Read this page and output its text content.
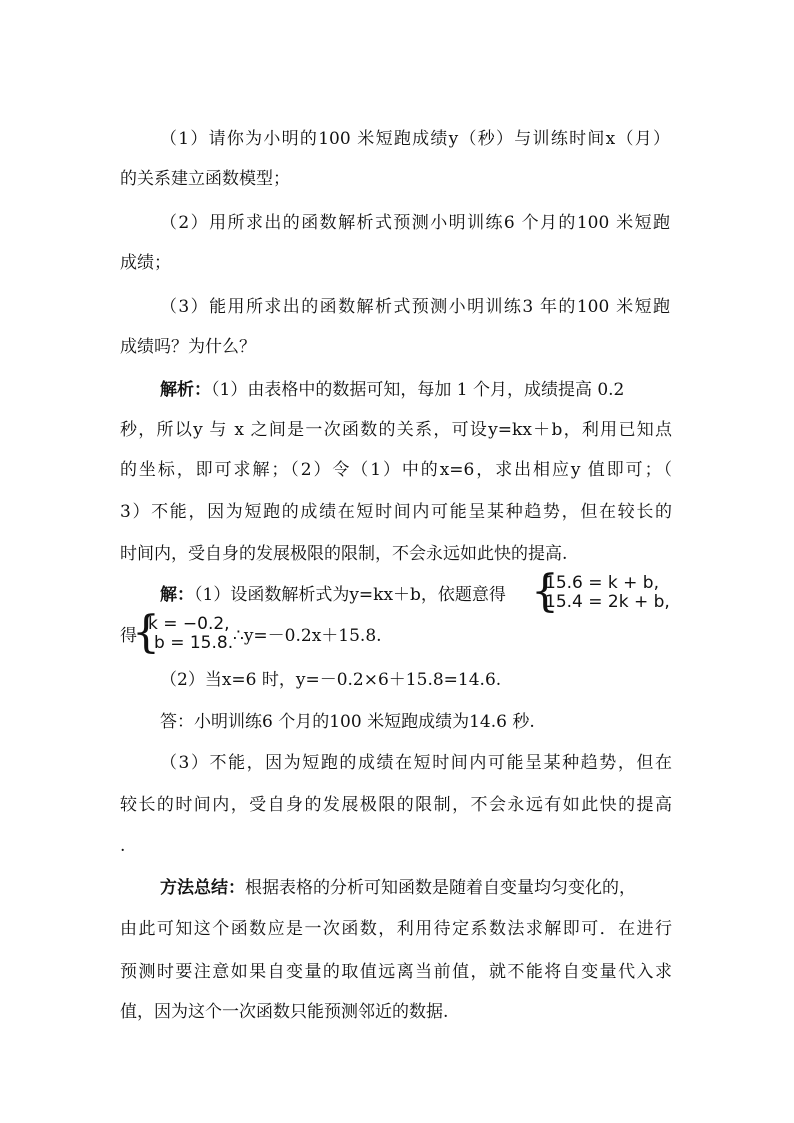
（1）请你为小明的100 米短跑成绩y（秒）与训练时间x（月）
的关系建立函数模型；
（2）用所求出的函数解析式预测小明训练6 个月的100 米短跑
成绩；
（3）能用所求出的函数解析式预测小明训练3 年的100 米短跑
成绩吗？为什么？
解析：（1）由表格中的数据可知，每加 1 个月，成绩提高 0.2
秒，所以y 与 x 之间是一次函数的关系，可设y=kx＋b，利用已知点
的坐标，即可求解；（2）令（1）中的x=6，求出相应y 值即可；（
3）不能，因为短跑的成绩在短时间内可能呈某种趋势，但在较长的
时间内，受自身的发展极限的限制，不会永远如此快的提高.
解：（1）设函数解析式为y=kx＋b，依题意得 {
15.6 = k + b,
15.4 = 2k + b,
得
{
k = −0.2,
b = 15.8. ∴y=－0.2x＋15.8.
（2）当x=6 时，y=－0.2×6＋15.8=14.6.
答：小明训练6 个月的100 米短跑成绩为14.6 秒.
（3）不能，因为短跑的成绩在短时间内可能呈某种趋势，但在
较长的时间内，受自身的发展极限的限制，不会永远有如此快的提高
.
方法总结：根据表格的分析可知函数是随着自变量均匀变化的，
由此可知这个函数应是一次函数，利用待定系数法求解即可．在进行
预测时要注意如果自变量的取值远离当前值，就不能将自变量代入求
值，因为这个一次函数只能预测邻近的数据.
